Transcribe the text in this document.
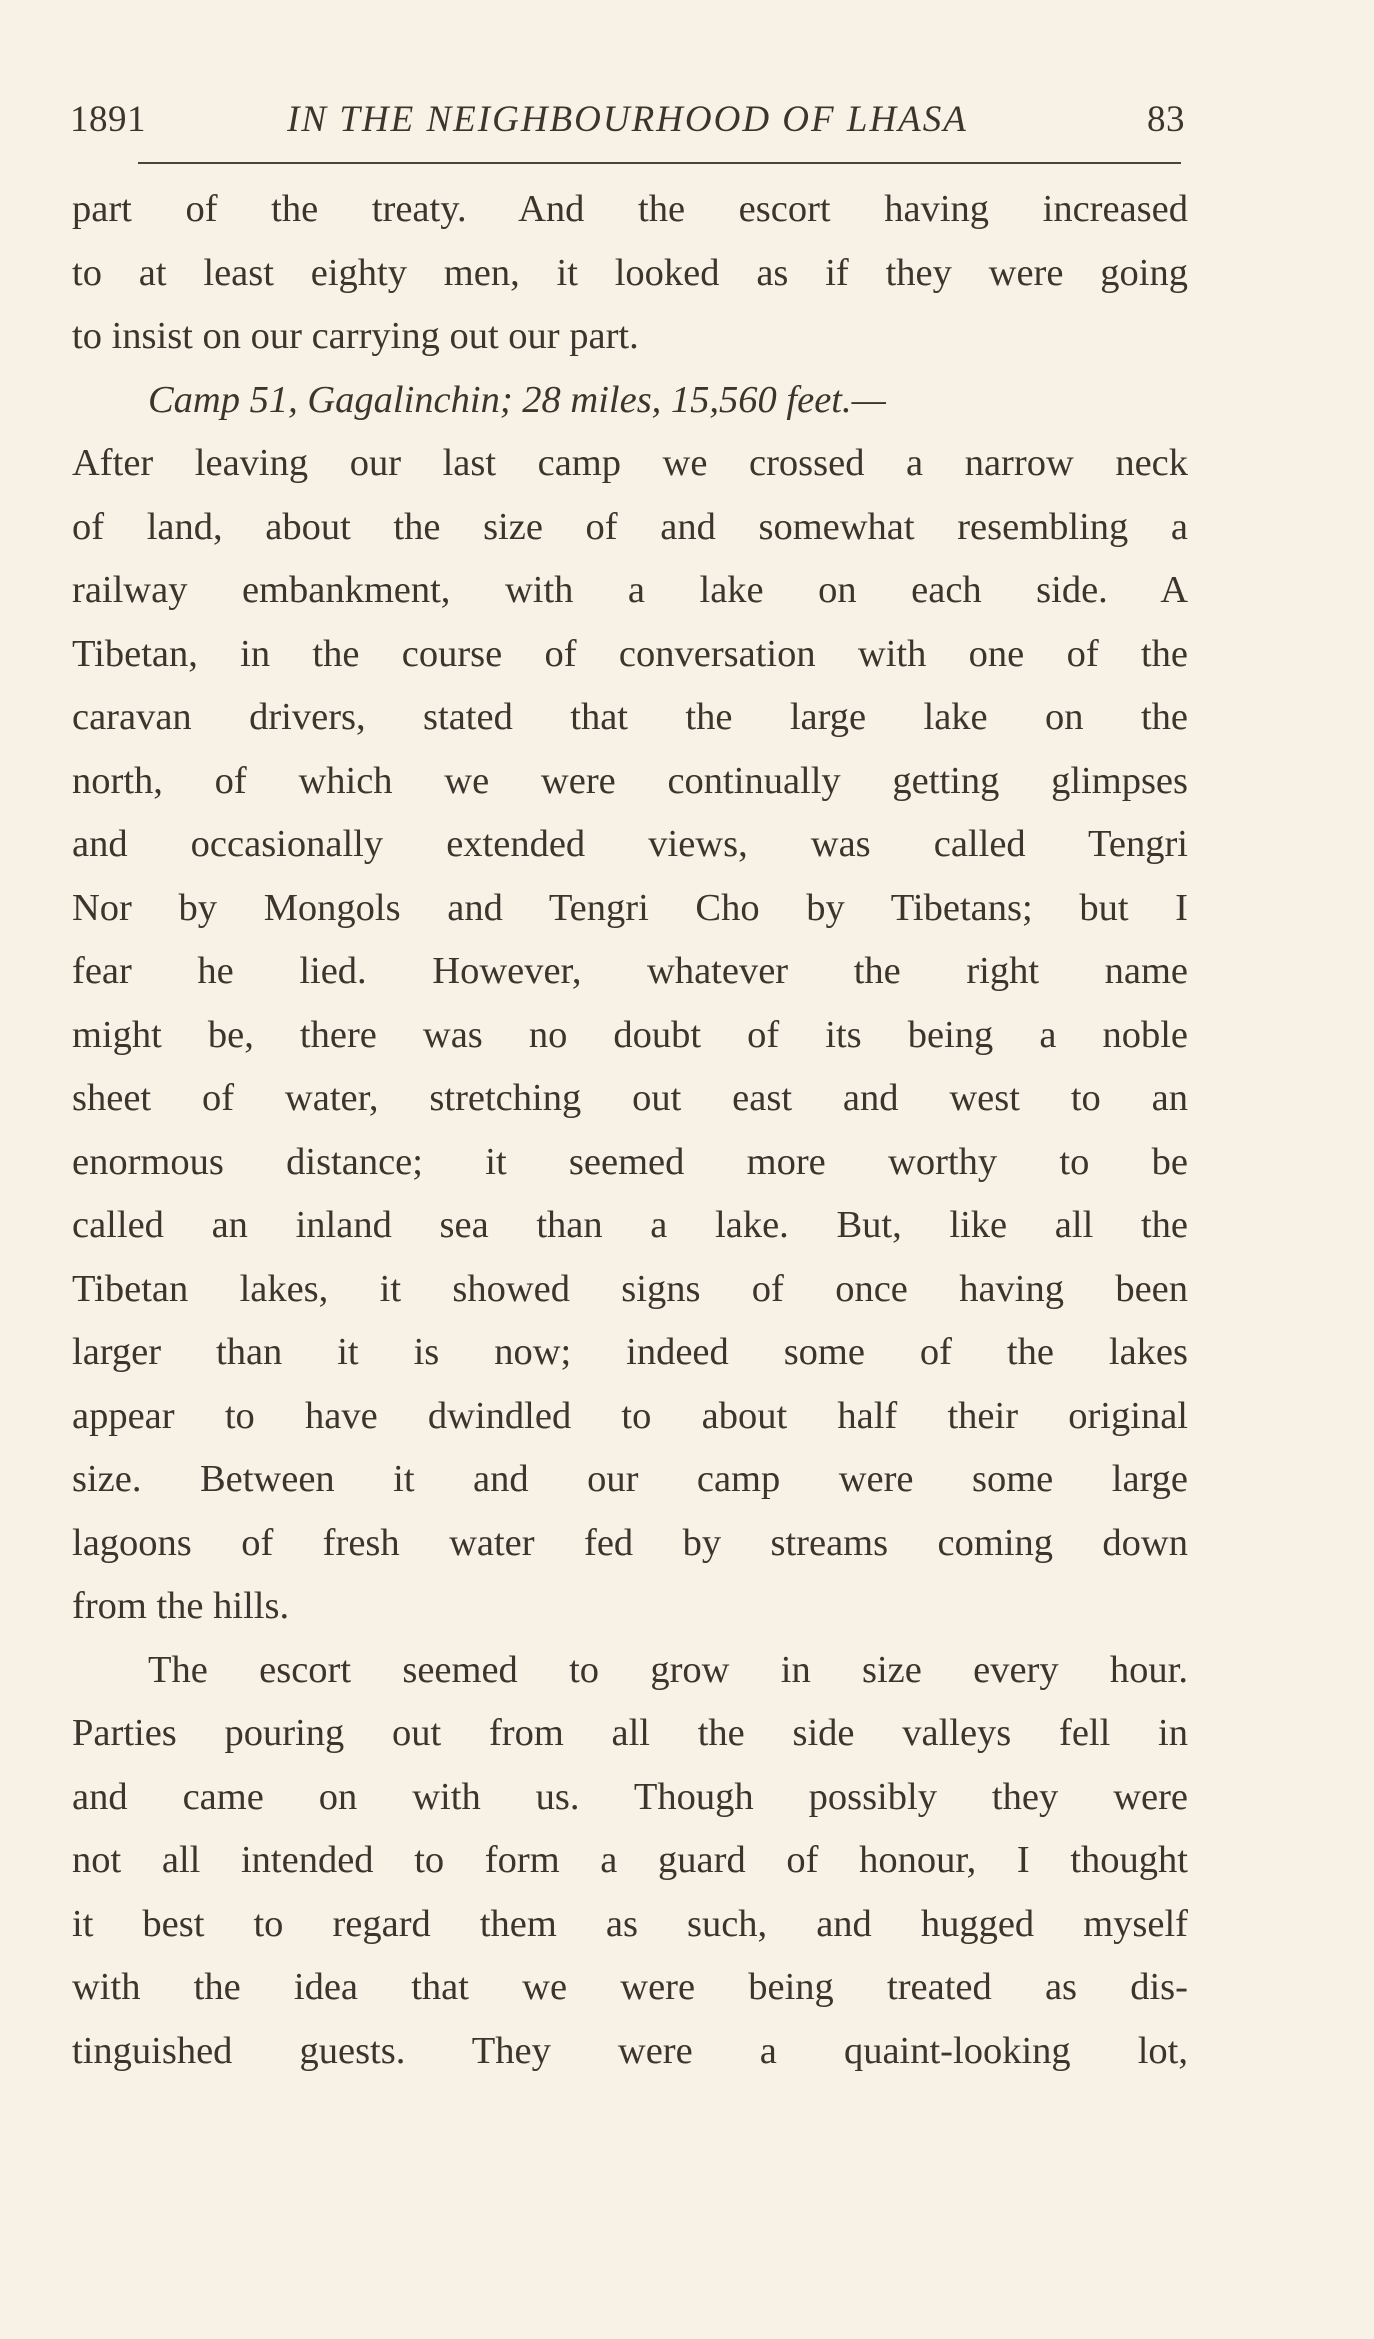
1891	IN THE NEIGHBOURHOOD OF LHASA	83
part of the treaty. And the escort having increased
to at least eighty men, it looked as if they were going
to insist on our carrying out our part.
Camp 51, Gagalinchin; 28 miles, 15,560 feet.—
After leaving our last camp we crossed a narrow neck
of land, about the size of and somewhat resembling a
railway embankment, with a lake on each side. A
Tibetan, in the course of conversation with one of the
caravan drivers, stated that the large lake on the
north, of which we were continually getting glimpses
and occasionally extended views, was called Tengri
Nor by Mongols and Tengri Cho by Tibetans; but I
fear he lied. However, whatever the right name
might be, there was no doubt of its being a noble
sheet of water, stretching out east and west to an
enormous distance; it seemed more worthy to be
called an inland sea than a lake. But, like all the
Tibetan lakes, it showed signs of once having been
larger than it is now; indeed some of the lakes
appear to have dwindled to about half their original
size. Between it and our camp were some large
lagoons of fresh water fed by streams coming down
from the hills.
The escort seemed to grow in size every hour.
Parties pouring out from all the side valleys fell in
and came on with us. Though possibly they were
not all intended to form a guard of honour, I thought
it best to regard them as such, and hugged myself
with the idea that we were being treated as dis-
tinguished guests. They were a quaint-looking lot,
